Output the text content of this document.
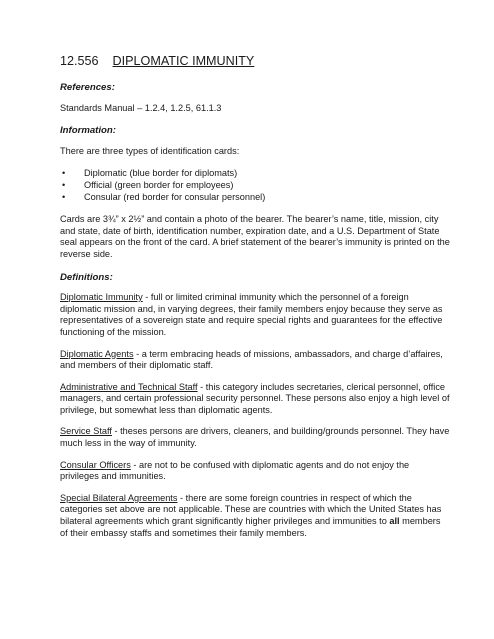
12.556 DIPLOMATIC IMMUNITY
References:

Standards Manual – 1.2.4, 1.2.5, 61.1.3

Information:

There are three types of identification cards:

•	Diplomatic (blue border for diplomats)
•	Official (green border for employees)
•	Consular (red border for consular personnel)

Cards are 3¾” x 2½” and contain a photo of the bearer. The bearer’s name, title, mission, city and state, date of birth, identification number, expiration date, and a U.S. Department of State seal appears on the front of the card. A brief statement of the bearer’s immunity is printed on the reverse side.

Definitions:

Diplomatic Immunity - full or limited criminal immunity which the personnel of a foreign diplomatic mission and, in varying degrees, their family members enjoy because they serve as representatives of a sovereign state and require special rights and guarantees for the effective functioning of the mission.

Diplomatic Agents - a term embracing heads of missions, ambassadors, and charge d’affaires, and members of their diplomatic staff.

Administrative and Technical Staff - this category includes secretaries, clerical personnel, office managers, and certain professional security personnel. These persons also enjoy a high level of privilege, but somewhat less than diplomatic agents.

Service Staff - theses persons are drivers, cleaners, and building/grounds personnel. They have much less in the way of immunity.

Consular Officers - are not to be confused with diplomatic agents and do not enjoy the privileges and immunities.

Special Bilateral Agreements - there are some foreign countries in respect of which the categories set above are not applicable. These are countries with which the United States has bilateral agreements which grant significantly higher privileges and immunities to all members of their embassy staffs and sometimes their family members.
